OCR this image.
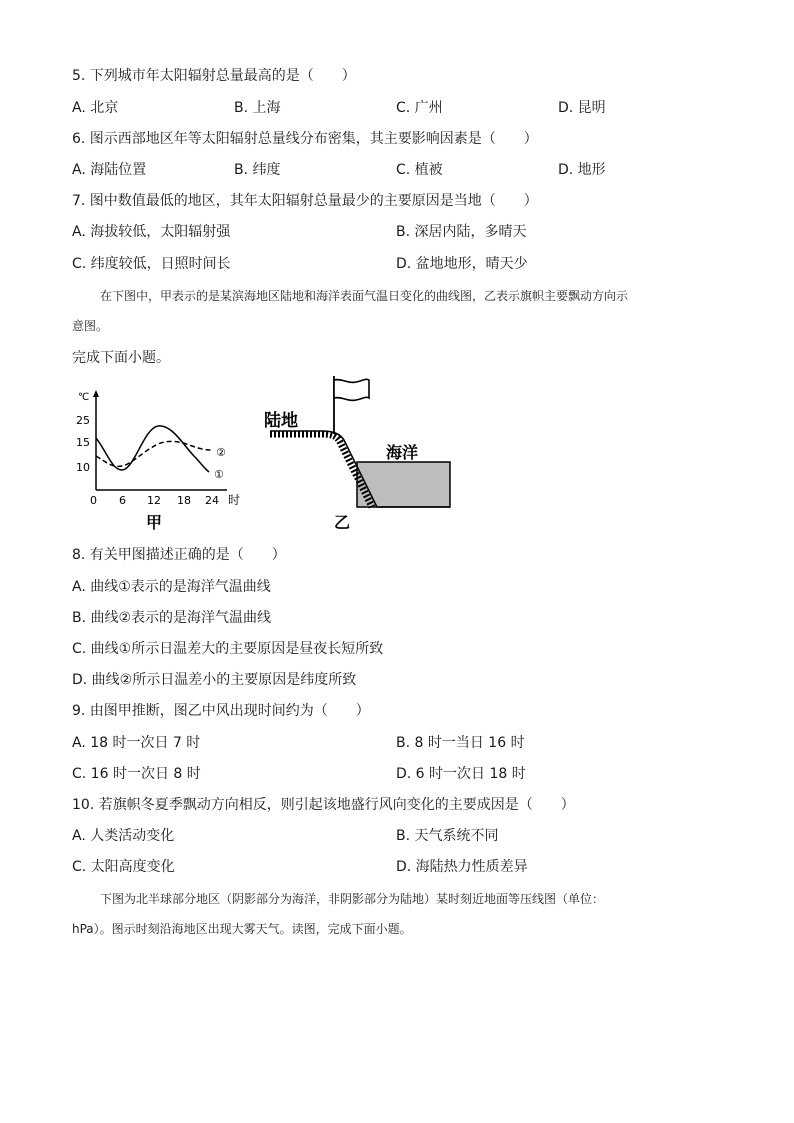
5. 下列城市年太阳辐射总量最高的是（　　）
A. 北京	B. 上海	C. 广州	D. 昆明
6. 图示西部地区年等太阳辐射总量线分布密集，其主要影响因素是（　　）
A. 海陆位置	B. 纬度	C. 植被	D. 地形
7. 图中数值最低的地区，其年太阳辐射总量最少的主要原因是当地（　　）
A. 海拔较低，太阳辐射强	B. 深居内陆，多晴天
C. 纬度较低，日照时间长	D. 盆地地形，晴天少
在下图中，甲表示的是某滨海地区陆地和海洋表面气温日变化的曲线图，乙表示旗帜主要飘动方向示
意图。
完成下面小题。
℃
25
15
10
0 6 12 18 24 时
①
②
甲
陆地
海洋
乙
8. 有关甲图描述正确的是（　　）
A. 曲线①表示的是海洋气温曲线
B. 曲线②表示的是海洋气温曲线
C. 曲线①所示日温差大的主要原因是昼夜长短所致
D. 曲线②所示日温差小的主要原因是纬度所致
9. 由图甲推断，图乙中风出现时间约为（　　）
A. 18 时一次日 7 时	B. 8 时一当日 16 时
C. 16 时一次日 8 时	D. 6 时一次日 18 时
10. 若旗帜冬夏季飘动方向相反，则引起该地盛行风向变化的主要成因是（　　）
A. 人类活动变化	B. 天气系统不同
C. 太阳高度变化	D. 海陆热力性质差异
下图为北半球部分地区（阴影部分为海洋，非阴影部分为陆地）某时刻近地面等压线图（单位：
hPa）。图示时刻沿海地区出现大雾天气。读图，完成下面小题。
